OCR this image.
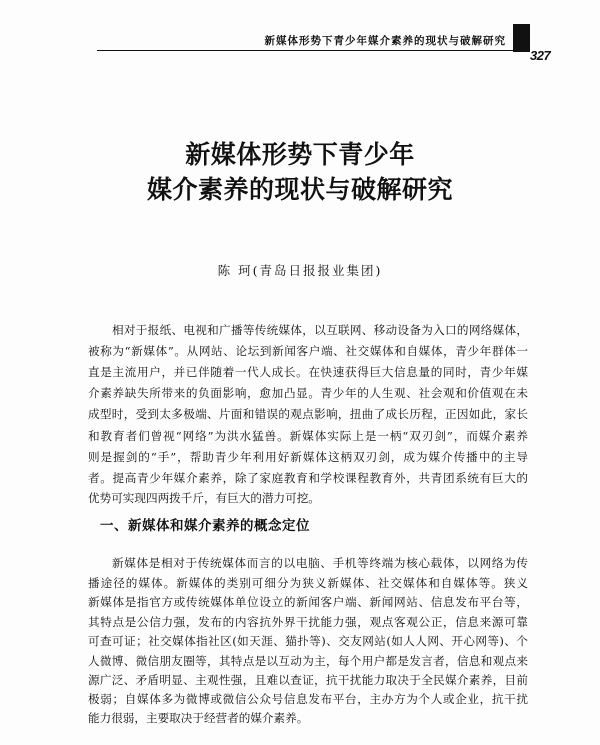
新媒体形势下青少年媒介素养的现状与破解研究
327
新媒体形势下青少年
媒介素养的现状与破解研究
陈 珂(青岛日报报业集团)
相对于报纸、电视和广播等传统媒体，以互联网、移动设备为入口的网络媒体，
被称为“新媒体”。从网站、论坛到新闻客户端、社交媒体和自媒体，青少年群体一
直是主流用户，并已伴随着一代人成长。在快速获得巨大信息量的同时，青少年媒
介素养缺失所带来的负面影响，愈加凸显。青少年的人生观、社会观和价值观在未
成型时，受到太多极端、片面和错误的观点影响，扭曲了成长历程，正因如此，家长
和教育者们曾视“网络”为洪水猛兽。新媒体实际上是一柄“双刃剑”，而媒介素养
则是握剑的“手”，帮助青少年利用好新媒体这柄双刃剑，成为媒介传播中的主导
者。提高青少年媒介素养，除了家庭教育和学校课程教育外，共青团系统有巨大的
优势可实现四两拨千斤，有巨大的潜力可挖。
一、新媒体和媒介素养的概念定位
新媒体是相对于传统媒体而言的以电脑、手机等终端为核心载体，以网络为传
播途径的媒体。新媒体的类别可细分为狭义新媒体、社交媒体和自媒体等。狭义
新媒体是指官方或传统媒体单位设立的新闻客户端、新闻网站、信息发布平台等，
其特点是公信力强，发布的内容抗外界干扰能力强，观点客观公正，信息来源可靠
可查可证；社交媒体指社区(如天涯、猫扑等)、交友网站(如人人网、开心网等)、个
人微博、微信朋友圈等，其特点是以互动为主，每个用户都是发言者，信息和观点来
源广泛、矛盾明显、主观性强，且难以查证，抗干扰能力取决于全民媒介素养，目前
极弱；自媒体多为微博或微信公众号信息发布平台，主办方为个人或企业，抗干扰
能力很弱，主要取决于经营者的媒介素养。
